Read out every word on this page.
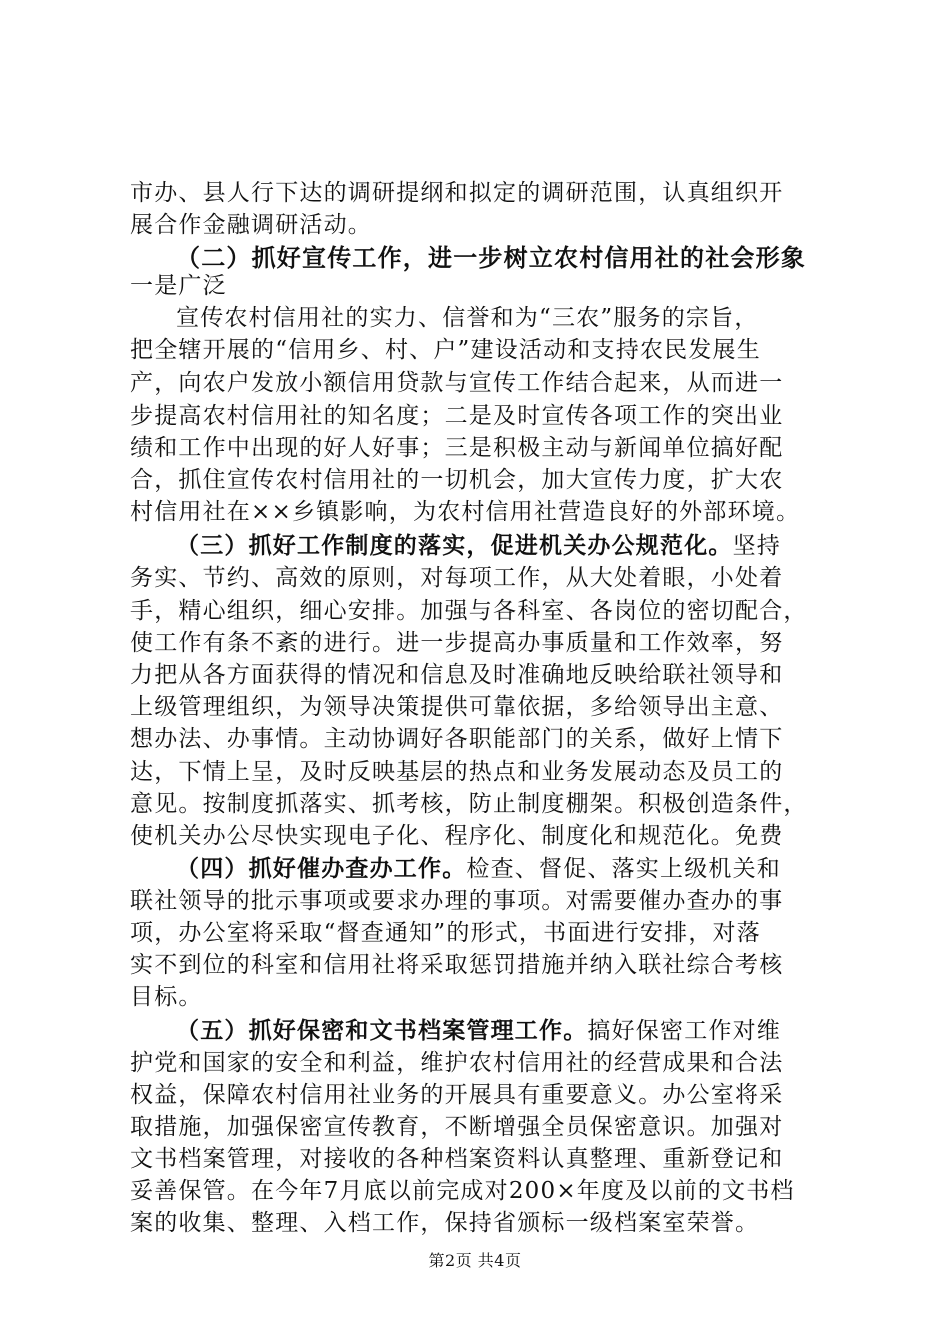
市办、县人行下达的调研提纲和拟定的调研范围，认真组织开
展合作金融调研活动。
（二）抓好宣传工作，进一步树立农村信用社的社会形象
一是广泛
宣传农村信用社的实力、信誉和为“三农”服务的宗旨，
把全辖开展的“信用乡、村、户”建设活动和支持农民发展生
产，向农户发放小额信用贷款与宣传工作结合起来，从而进一
步提高农村信用社的知名度；二是及时宣传各项工作的突出业
绩和工作中出现的好人好事；三是积极主动与新闻单位搞好配
合，抓住宣传农村信用社的一切机会，加大宣传力度，扩大农
村信用社在××乡镇影响，为农村信用社营造良好的外部环境。
（三）抓好工作制度的落实，促进机关办公规范化。坚持
务实、节约、高效的原则，对每项工作，从大处着眼，小处着
手，精心组织，细心安排。加强与各科室、各岗位的密切配合，
使工作有条不紊的进行。进一步提高办事质量和工作效率，努
力把从各方面获得的情况和信息及时准确地反映给联社领导和
上级管理组织，为领导决策提供可靠依据，多给领导出主意、
想办法、办事情。主动协调好各职能部门的关系，做好上情下
达，下情上呈，及时反映基层的热点和业务发展动态及员工的
意见。按制度抓落实、抓考核，防止制度棚架。积极创造条件，
使机关办公尽快实现电子化、程序化、制度化和规范化。免费
（四）抓好催办查办工作。检查、督促、落实上级机关和
联社领导的批示事项或要求办理的事项。对需要催办查办的事
项，办公室将采取“督查通知”的形式，书面进行安排，对落
实不到位的科室和信用社将采取惩罚措施并纳入联社综合考核
目标。
（五）抓好保密和文书档案管理工作。搞好保密工作对维
护党和国家的安全和利益，维护农村信用社的经营成果和合法
权益，保障农村信用社业务的开展具有重要意义。办公室将采
取措施，加强保密宣传教育，不断增强全员保密意识。加强对
文书档案管理，对接收的各种档案资料认真整理、重新登记和
妥善保管。在今年7月底以前完成对200×年度及以前的文书档
案的收集、整理、入档工作，保持省颁标一级档案室荣誉。
第2页 共4页
